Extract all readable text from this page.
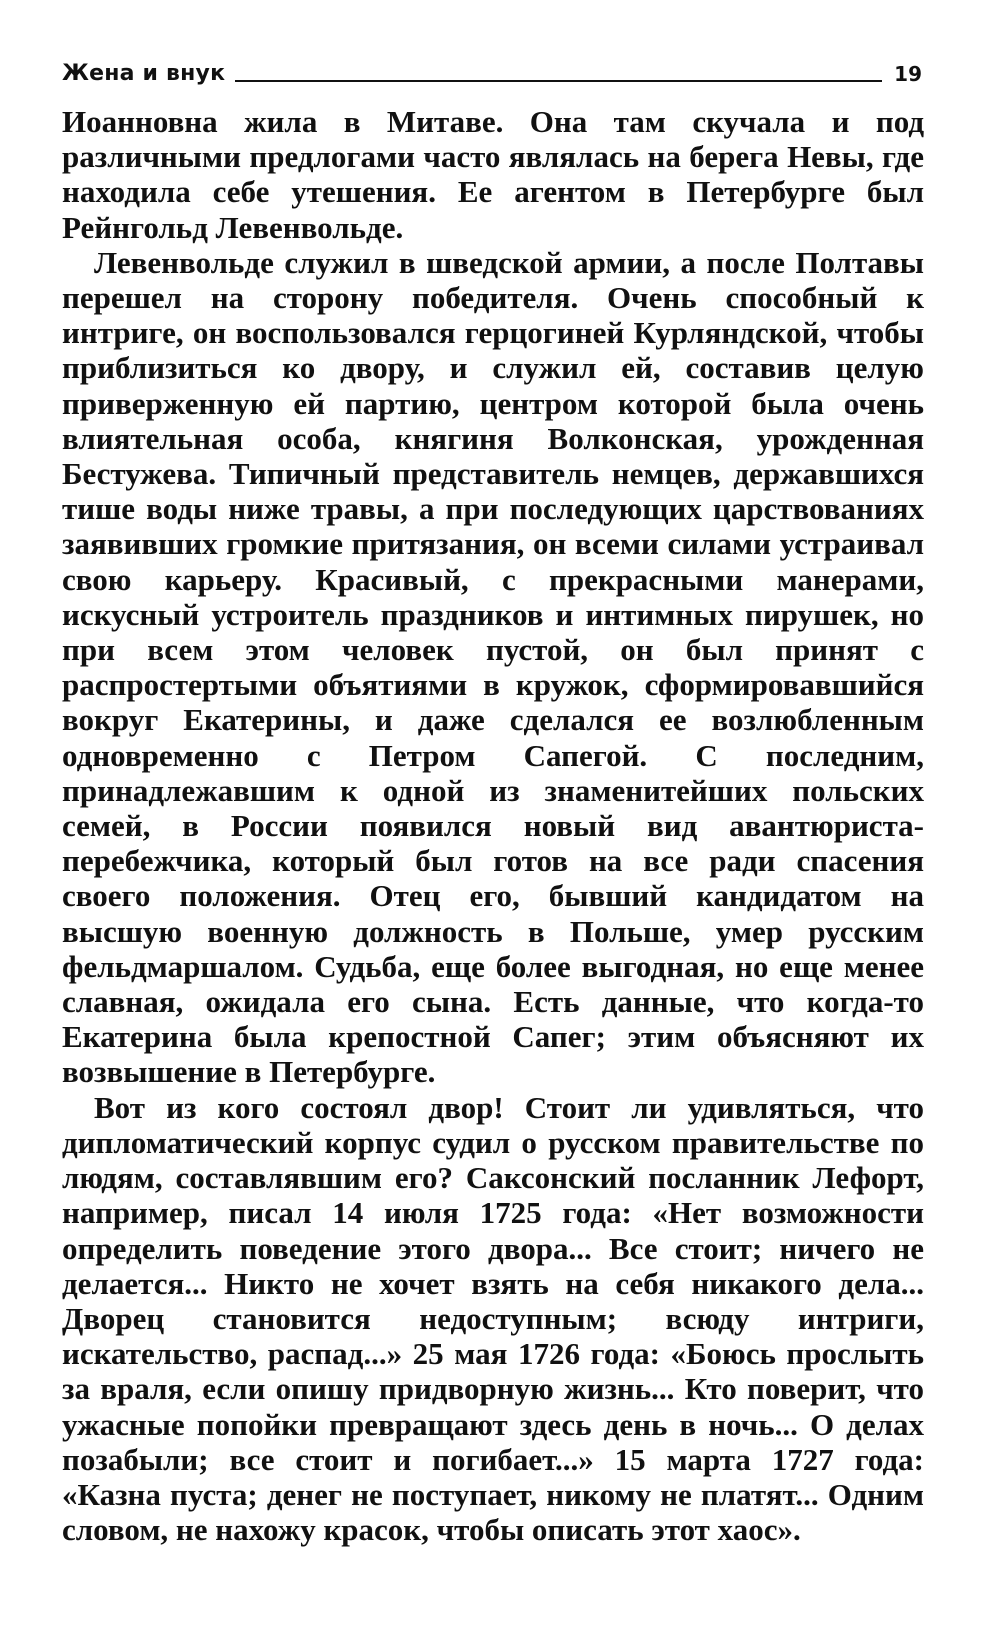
Жена и внук	19

Иоанновна жила в Митаве. Она там скучала и под различными предлогами часто являлась на берега Невы, где находила себе утешения. Ее агентом в Петербурге был Рейнгольд Левенвольде.

Левенвольде служил в шведской армии, а после Полтавы перешел на сторону победителя. Очень способный к интриге, он воспользовался герцогиней Курляндской, чтобы приблизиться ко двору, и служил ей, составив целую приверженную ей партию, центром которой была очень влиятельная особа, княгиня Волконская, урожденная Бестужева. Типичный представитель немцев, державшихся тише воды ниже травы, а при последующих царствованиях заявивших громкие притязания, он всеми силами устраивал свою карьеру. Красивый, с прекрасными манерами, искусный устроитель праздников и интимных пирушек, но при всем этом человек пустой, он был принят с распростертыми объятиями в кружок, сформировавшийся вокруг Екатерины, и даже сделался ее возлюбленным одновременно с Петром Сапегой. С последним, принадлежавшим к одной из знаменитейших польских семей, в России появился новый вид авантюриста-перебежчика, который был готов на все ради спасения своего положения. Отец его, бывший кандидатом на высшую военную должность в Польше, умер русским фельдмаршалом. Судьба, еще более выгодная, но еще менее славная, ожидала его сына. Есть данные, что когда-то Екатерина была крепостной Сапег; этим объясняют их возвышение в Петербурге.

Вот из кого состоял двор! Стоит ли удивляться, что дипломатический корпус судил о русском правительстве по людям, составлявшим его? Саксонский посланник Лефорт, например, писал 14 июля 1725 года: «Нет возможности определить поведение этого двора... Все стоит; ничего не делается... Никто не хочет взять на себя никакого дела... Дворец становится недоступным; всюду интриги, искательство, распад...» 25 мая 1726 года: «Боюсь прослыть за враля, если опишу придворную жизнь... Кто поверит, что ужасные попойки превращают здесь день в ночь... О делах позабыли; все стоит и погибает...» 15 марта 1727 года: «Казна пуста; денег не поступает, никому не платят... Одним словом, не нахожу красок, чтобы описать этот хаос».
